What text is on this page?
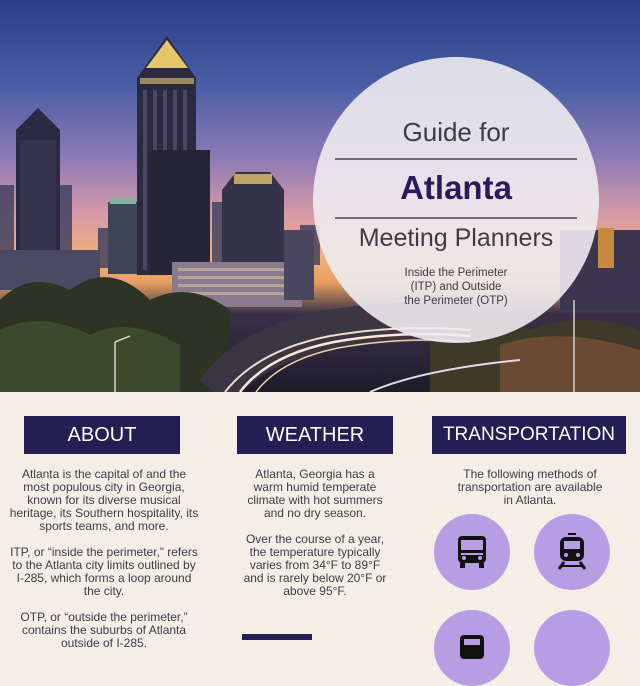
Guide for
Atlanta
Meeting Planners
Inside the Perimeter
(ITP) and Outside
the Perimeter (OTP)
ABOUT
Atlanta is the capital of and the
most populous city in Georgia,
known for its diverse musical
heritage, its Southern hospitality, its
sports teams, and more.
ITP, or “inside the perimeter,” refers
to the Atlanta city limits outlined by
I-285, which forms a loop around
the city.
OTP, or “outside the perimeter,”
contains the suburbs of Atlanta
outside of I-285.
WEATHER
Atlanta, Georgia has a
warm humid temperate
climate with hot summers
and no dry season.
Over the course of a year,
the temperature typically
varies from 34°F to 89°F
and is rarely below 20°F or
above 95°F.
TRANSPORTATION
The following methods of
transportation are available
in Atlanta.
